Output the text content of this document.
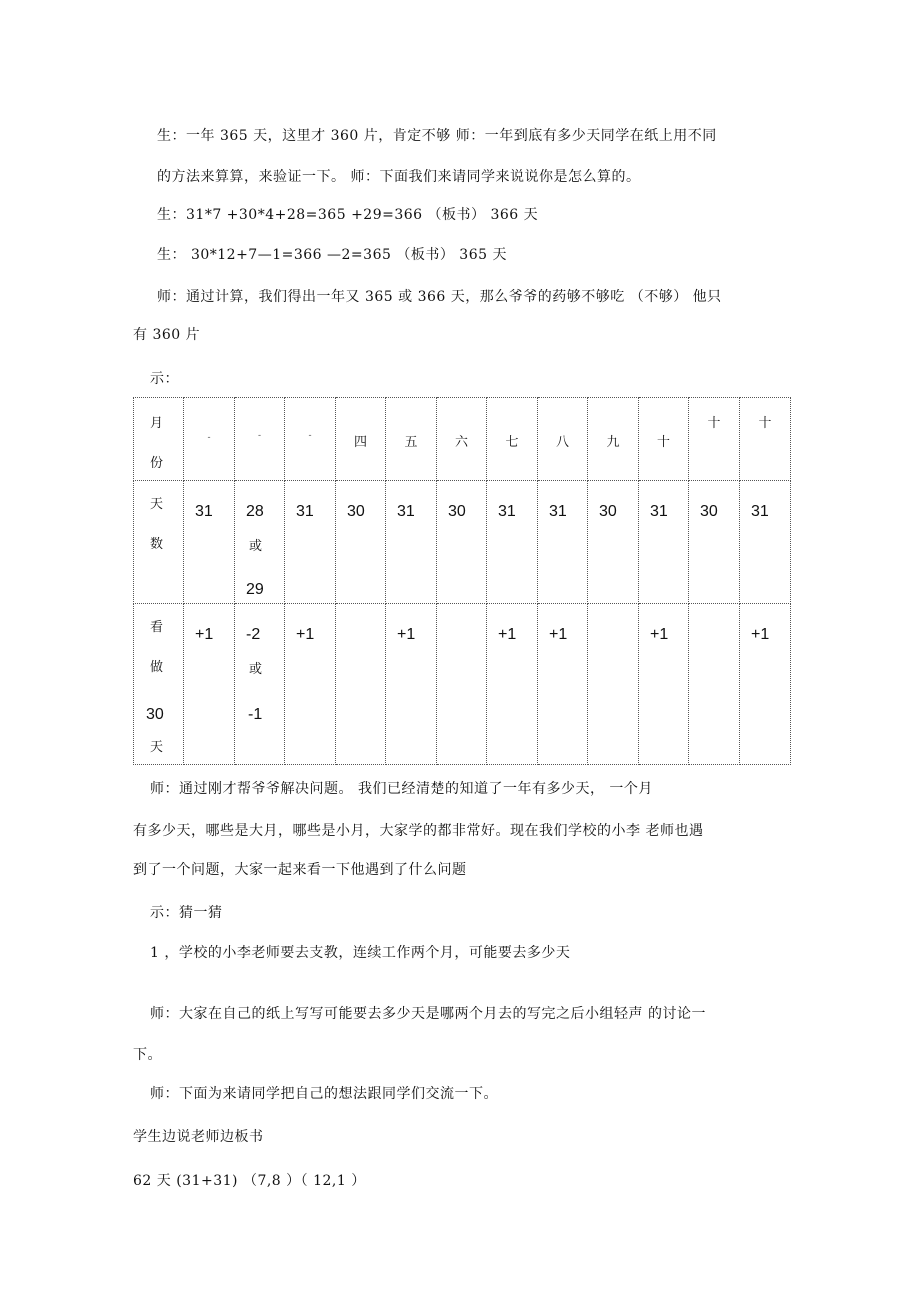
生：一年 365 天，这里才 360 片，肯定不够 师：一年到底有多少天同学在纸上用不同
的方法来算算，来验证一下。 师：下面我们来请同学来说说你是怎么算的。
生：31*7 +30*4+28=365 +29=366 （板书） 366 天
生： 30*12+7—1=366 —2=365 （板书） 365 天
师：通过计算，我们得出一年又 365 或 366 天，那么爷爷的药够不够吃 （不够） 他只
有 360 片
示：
月
份	-	-	-	四	五	六	七	八	九	十	十	十

天
数	31	28
或
29	31	30	31	30	31	31	30	31	30	31

看
做
30
天	+1	-2
或
-1	+1		+1		+1	+1		+1		+1
师：通过刚才帮爷爷解决问题。 我们已经清楚的知道了一年有多少天， 一个月
有多少天，哪些是大月，哪些是小月，大家学的都非常好。现在我们学校的小李 老师也遇
到了一个问题，大家一起来看一下他遇到了什么问题
示：猜一猜
1 ，学校的小李老师要去支教，连续工作两个月，可能要去多少天
师：大家在自己的纸上写写可能要去多少天是哪两个月去的写完之后小组轻声 的讨论一
下。
师：下面为来请同学把自己的想法跟同学们交流一下。
学生边说老师边板书
62 天 (31+31) （7,8 ）（ 12,1 ）
